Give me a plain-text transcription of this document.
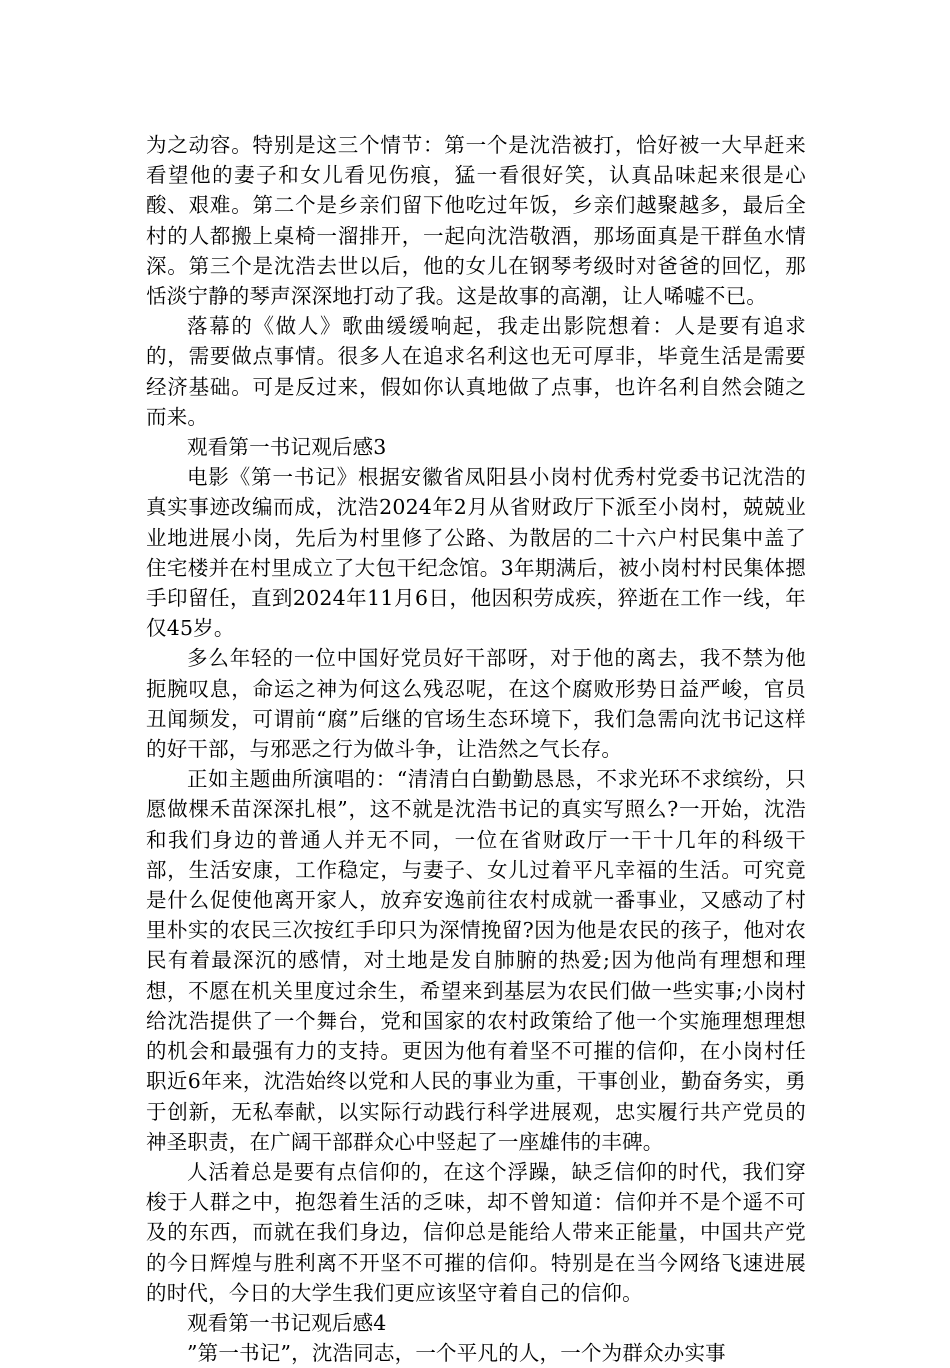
为之动容。特别是这三个情节：第一个是沈浩被打，恰好被一大早赶来看望他的妻子和女儿看见伤痕，猛一看很好笑，认真品味起来很是心酸、艰难。第二个是乡亲们留下他吃过年饭，乡亲们越聚越多，最后全村的人都搬上桌椅一溜排开，一起向沈浩敬酒，那场面真是干群鱼水情深。第三个是沈浩去世以后，他的女儿在钢琴考级时对爸爸的回忆，那恬淡宁静的琴声深深地打动了我。这是故事的高潮，让人唏嘘不已。

落幕的《做人》歌曲缓缓响起，我走出影院想着：人是要有追求的，需要做点事情。很多人在追求名利这也无可厚非，毕竟生活是需要经济基础。可是反过来，假如你认真地做了点事，也许名利自然会随之而来。

观看第一书记观后感3

电影《第一书记》根据安徽省凤阳县小岗村优秀村党委书记沈浩的真实事迹改编而成，沈浩2024年2月从省财政厅下派至小岗村，兢兢业业地进展小岗，先后为村里修了公路、为散居的二十六户村民集中盖了住宅楼并在村里成立了大包干纪念馆。3年期满后，被小岗村村民集体摁手印留任，直到2024年11月6日，他因积劳成疾，猝逝在工作一线，年仅45岁。

多么年轻的一位中国好党员好干部呀，对于他的离去，我不禁为他扼腕叹息，命运之神为何这么残忍呢，在这个腐败形势日益严峻，官员丑闻频发，可谓前“腐”后继的官场生态环境下，我们急需向沈书记这样的好干部，与邪恶之行为做斗争，让浩然之气长存。

正如主题曲所演唱的：“清清白白勤勤恳恳，不求光环不求缤纷，只愿做棵禾苗深深扎根”，这不就是沈浩书记的真实写照么?一开始，沈浩和我们身边的普通人并无不同，一位在省财政厅一干十几年的科级干部，生活安康，工作稳定，与妻子、女儿过着平凡幸福的生活。可究竟是什么促使他离开家人，放弃安逸前往农村成就一番事业，又感动了村里朴实的农民三次按红手印只为深情挽留?因为他是农民的孩子，他对农民有着最深沉的感情，对土地是发自肺腑的热爱;因为他尚有理想和理想，不愿在机关里度过余生，希望来到基层为农民们做一些实事;小岗村给沈浩提供了一个舞台，党和国家的农村政策给了他一个实施理想理想的机会和最强有力的支持。更因为他有着坚不可摧的信仰，在小岗村任职近6年来，沈浩始终以党和人民的事业为重，干事创业，勤奋务实，勇于创新，无私奉献，以实际行动践行科学进展观，忠实履行共产党员的神圣职责，在广阔干部群众心中竖起了一座雄伟的丰碑。

人活着总是要有点信仰的，在这个浮躁，缺乏信仰的时代，我们穿梭于人群之中，抱怨着生活的乏味，却不曾知道：信仰并不是个遥不可及的东西，而就在我们身边，信仰总是能给人带来正能量，中国共产党的今日辉煌与胜利离不开坚不可摧的信仰。特别是在当今网络飞速进展的时代，今日的大学生我们更应该坚守着自己的信仰。

观看第一书记观后感4

”第一书记”，沈浩同志，一个平凡的人，一个为群众办实事
